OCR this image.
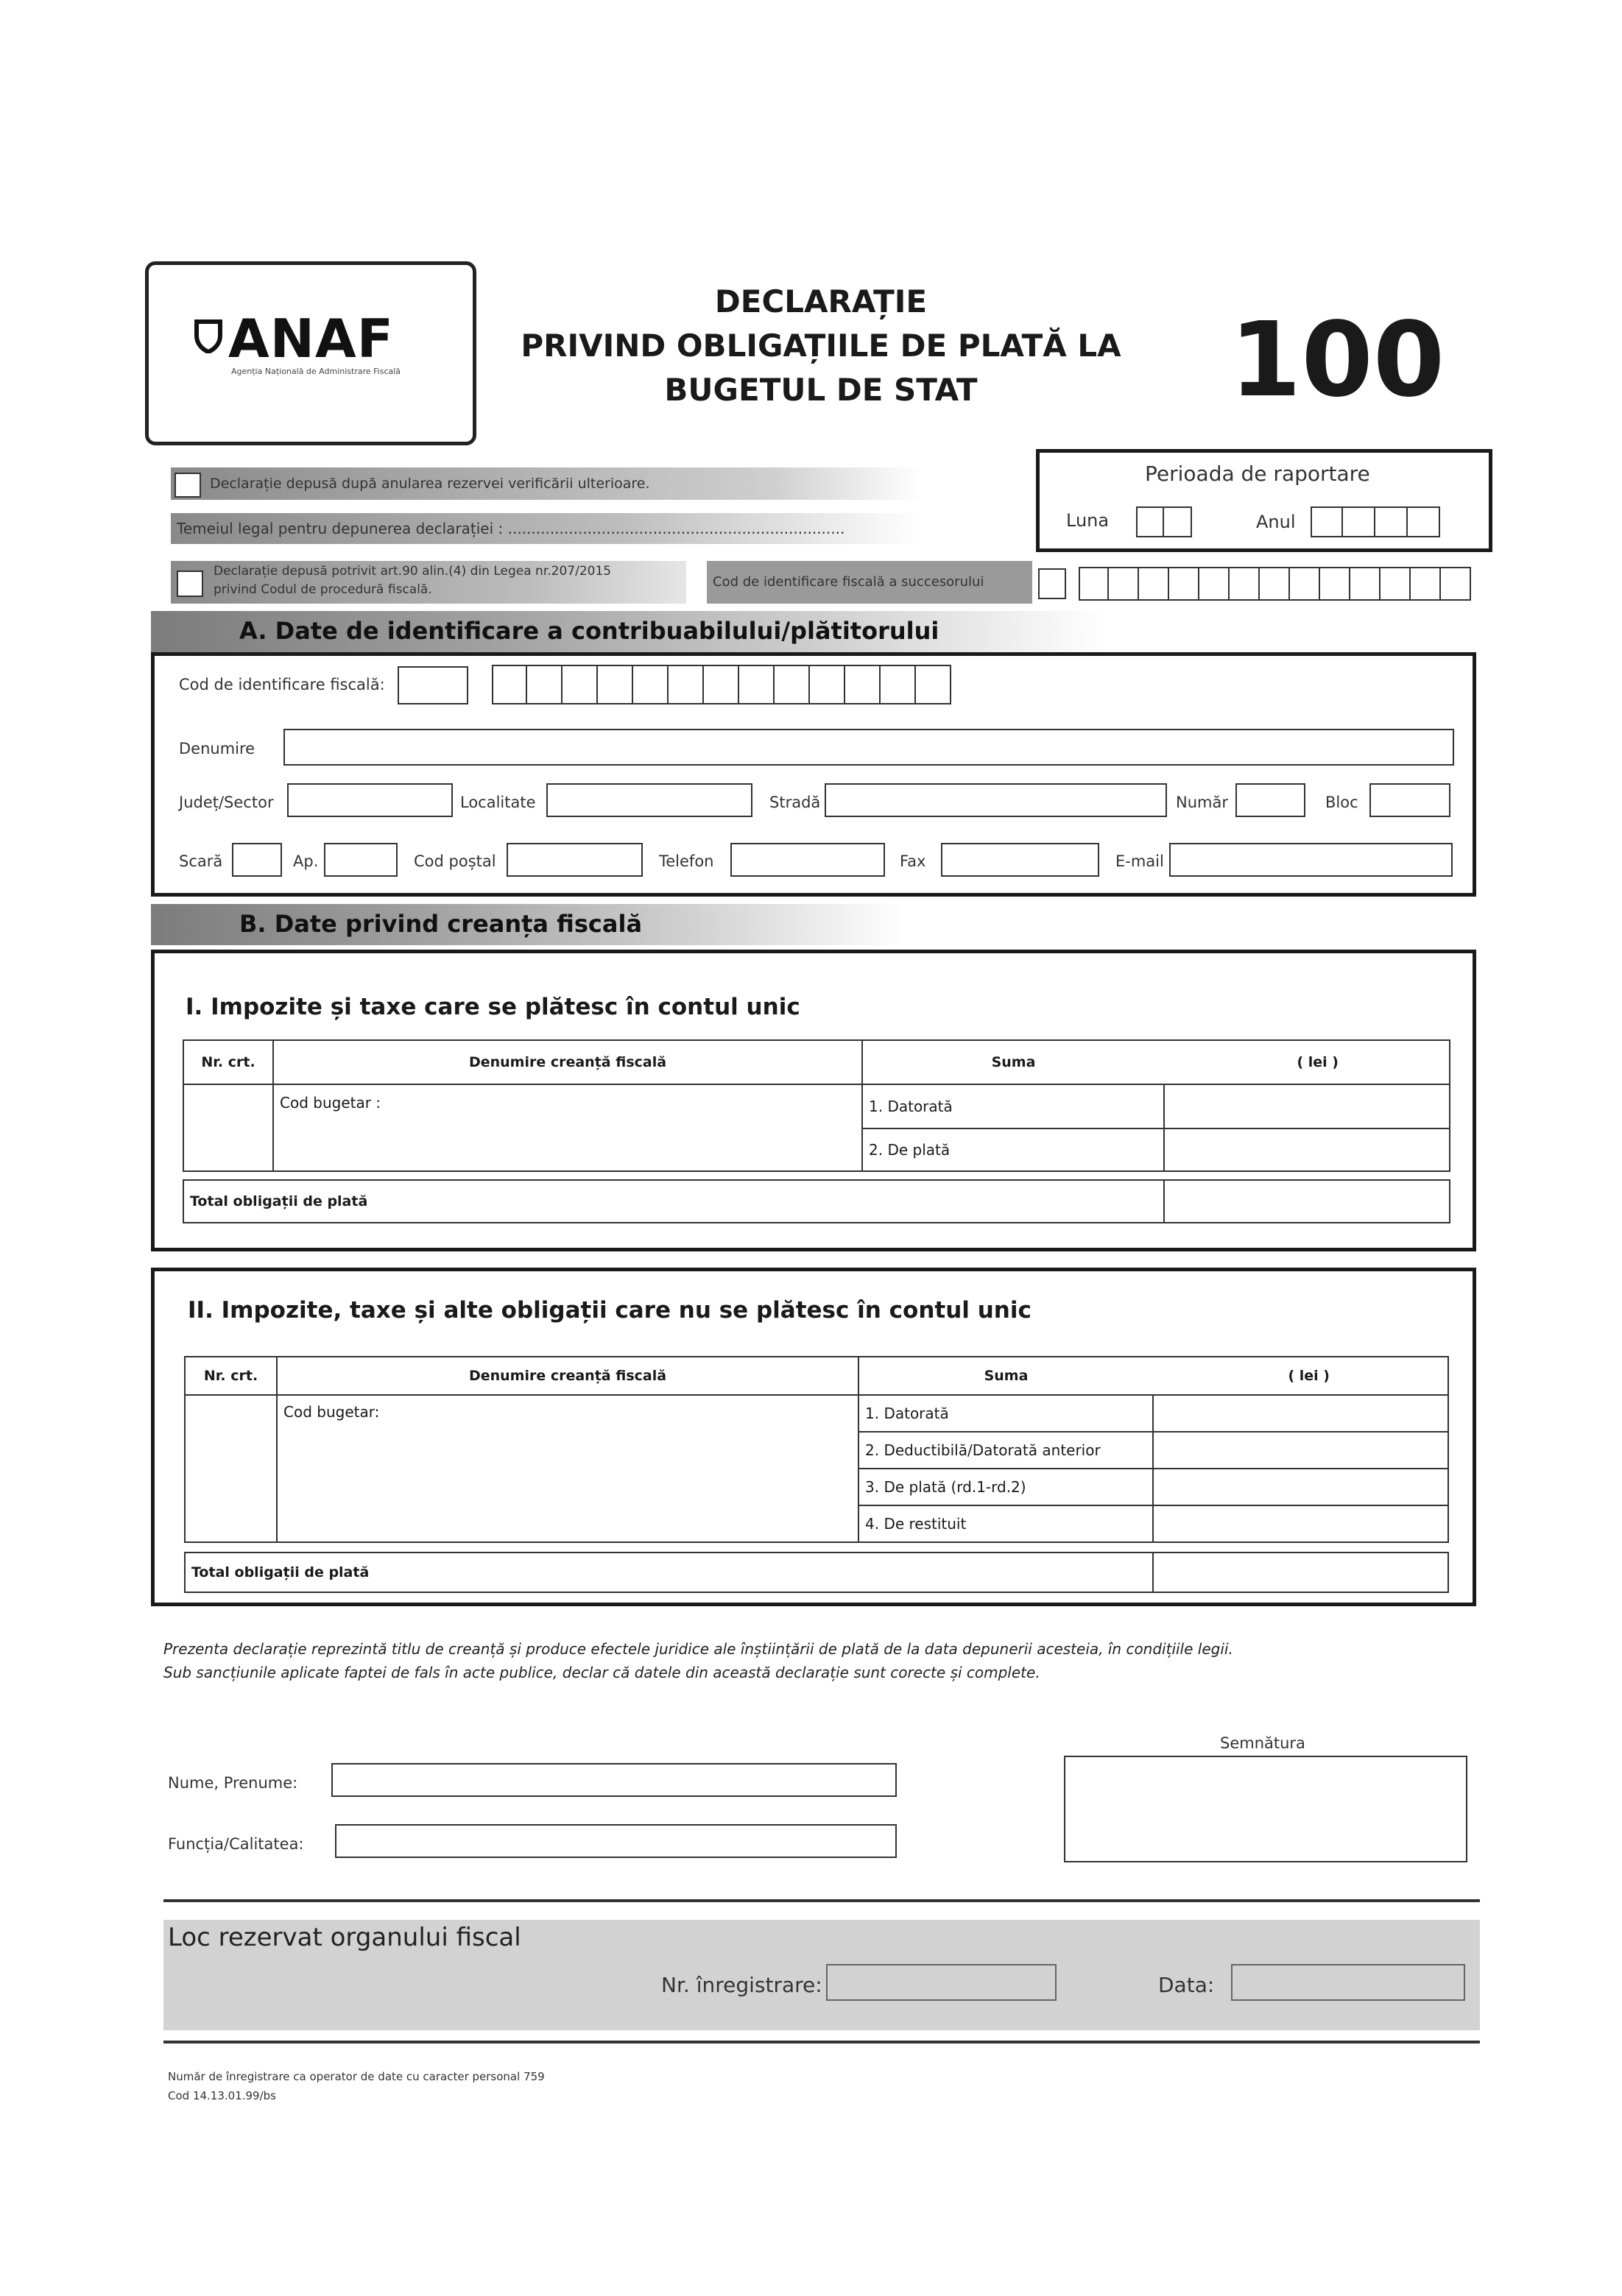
ANAF
Agenția Națională de Administrare Fiscală
DECLARAȚIE
PRIVIND OBLIGAȚIILE DE PLATĂ LA
BUGETUL DE STAT	100
Declarație depusă după anularea rezervei verificării ulterioare.
Temeiul legal pentru depunerea declarației : ........................................................................
Declarație depusă potrivit art.90 alin.(4) din Legea nr.207/2015
privind Codul de procedură fiscală.	Cod de identificare fiscală a succesorului
Perioada de raportare
Luna	Anul
A. Date de identificare a contribuabilului/plătitorului
Cod de identificare fiscală:
Denumire
Județ/Sector	Localitate	Stradă	Număr	Bloc
Scară	Ap.	Cod poștal	Telefon	Fax	E-mail
B. Date privind creanța fiscală
I. Impozite și taxe care se plătesc în contul unic
Nr. crt.	Denumire creanță fiscală	Suma	( lei )
	Cod bugetar :	1. Datorată	
		2. De plată	
Total obligații de plată	
II. Impozite, taxe și alte obligații care nu se plătesc în contul unic
Nr. crt.	Denumire creanță fiscală	Suma	( lei )
	Cod bugetar:	1. Datorată	
		2. Deductibilă/Datorată anterior	
		3. De plată (rd.1-rd.2)	
		4. De restituit	
Total obligații de plată	
Prezenta declarație reprezintă titlu de creanță și produce efectele juridice ale înștiințării de plată de la data depunerii acesteia, în condițiile legii.
Sub sancțiunile aplicate faptei de fals în acte publice, declar că datele din această declarație sunt corecte și complete.
Nume, Prenume:
Funcția/Calitatea:
Semnătura
Loc rezervat organului fiscal
Nr. înregistrare:	Data:
Număr de înregistrare ca operator de date cu caracter personal 759
Cod 14.13.01.99/bs
